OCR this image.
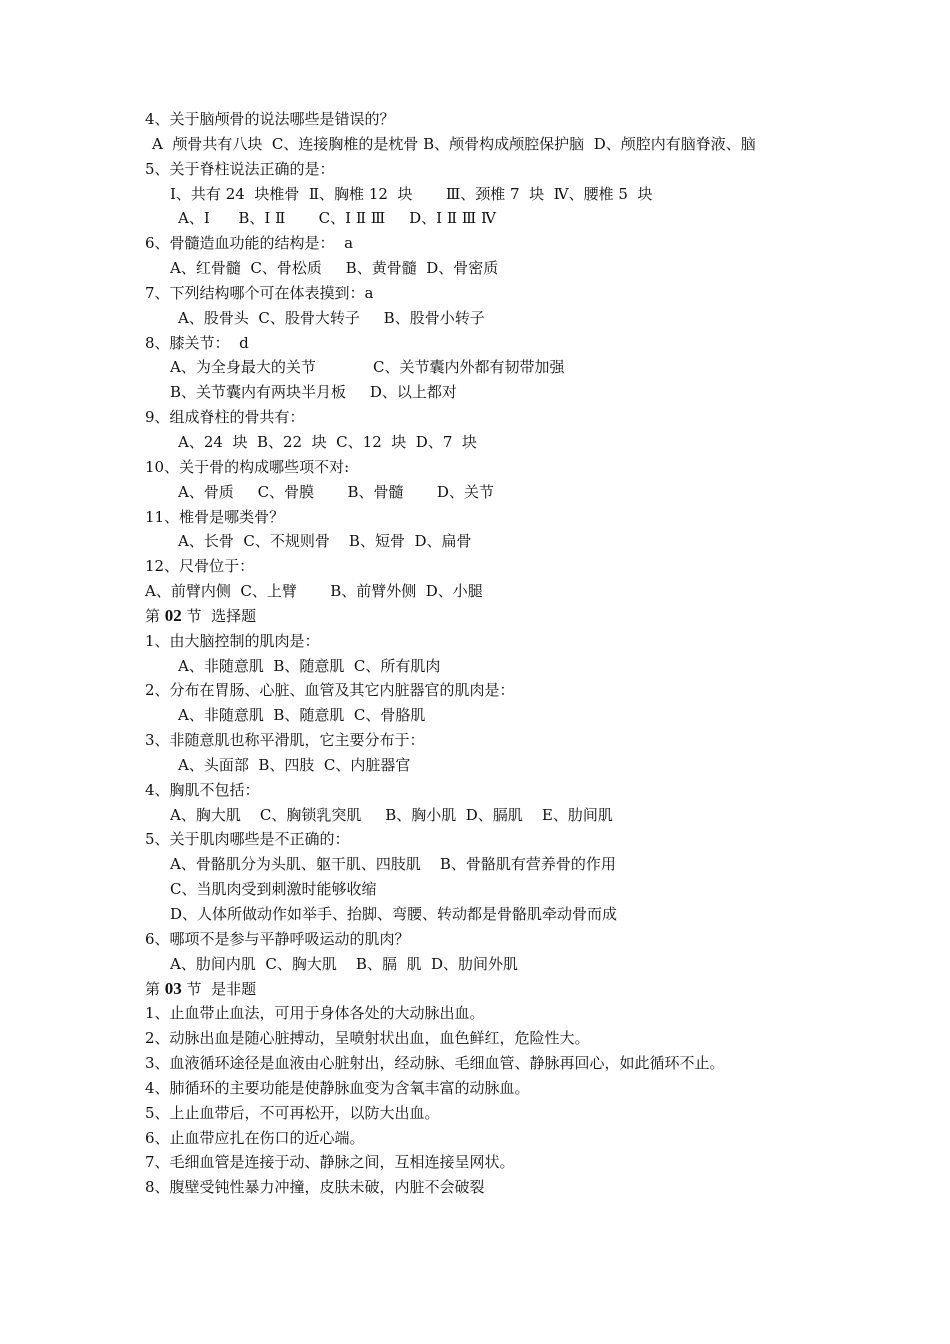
4、关于脑颅骨的说法哪些是错误的？
A  颅骨共有八块  C、连接胸椎的是枕骨 B、颅骨构成颅腔保护脑  D、颅腔内有脑脊液、脑
5、关于脊柱说法正确的是：
Ⅰ、共有 24  块椎骨  Ⅱ、胸椎 12  块       Ⅲ、颈椎 7  块  Ⅳ、腰椎 5  块
A、Ⅰ      B、Ⅰ Ⅱ       C、Ⅰ Ⅱ Ⅲ     D、Ⅰ Ⅱ Ⅲ Ⅳ
6、骨髓造血功能的结构是：  a
A、红骨髓  C、骨松质     B、黄骨髓  D、骨密质
7、下列结构哪个可在体表摸到：a
A、股骨头  C、股骨大转子     B、股骨小转子
8、膝关节：  d
A、为全身最大的关节            C、关节囊内外都有韧带加强
B、关节囊内有两块半月板     D、以上都对
9、组成脊柱的骨共有：
A、24  块  B、22  块  C、12  块  D、7  块
10、关于骨的构成哪些项不对:
A、骨质     C、骨膜       B、骨髓       D、关节
11、椎骨是哪类骨？
A、长骨  C、不规则骨    B、短骨  D、扁骨
12、尺骨位于：
A、前臂内侧  C、上臂       B、前臂外侧  D、小腿
第 02 节  选择题
1、由大脑控制的肌肉是：
A、非随意肌  B、随意肌  C、所有肌肉
2、分布在胃肠、心脏、血管及其它内脏器官的肌肉是：
A、非随意肌  B、随意肌  C、骨胳肌
3、非随意肌也称平滑肌，它主要分布于：
A、头面部  B、四肢  C、内脏器官
4、胸肌不包括：
A、胸大肌    C、胸锁乳突肌     B、胸小肌  D、膈肌    E、肋间肌
5、关于肌肉哪些是不正确的：
A、骨骼肌分为头肌、躯干肌、四肢肌    B、骨骼肌有营养骨的作用
C、当肌肉受到刺激时能够收缩
D、人体所做动作如举手、抬脚、弯腰、转动都是骨骼肌牵动骨而成
6、哪项不是参与平静呼吸运动的肌肉？
A、肋间内肌  C、胸大肌    B、膈  肌  D、肋间外肌
第 03 节  是非题
1、止血带止血法，可用于身体各处的大动脉出血。
2、动脉出血是随心脏搏动，呈喷射状出血，血色鲜红，危险性大。
3、血液循环途径是血液由心脏射出，经动脉、毛细血管、静脉再回心，如此循环不止。
4、肺循环的主要功能是使静脉血变为含氧丰富的动脉血。
5、上止血带后，不可再松开，以防大出血。
6、止血带应扎在伤口的近心端。
7、毛细血管是连接于动、静脉之间，互相连接呈网状。
8、腹壁受钝性暴力冲撞，皮肤未破，内脏不会破裂
